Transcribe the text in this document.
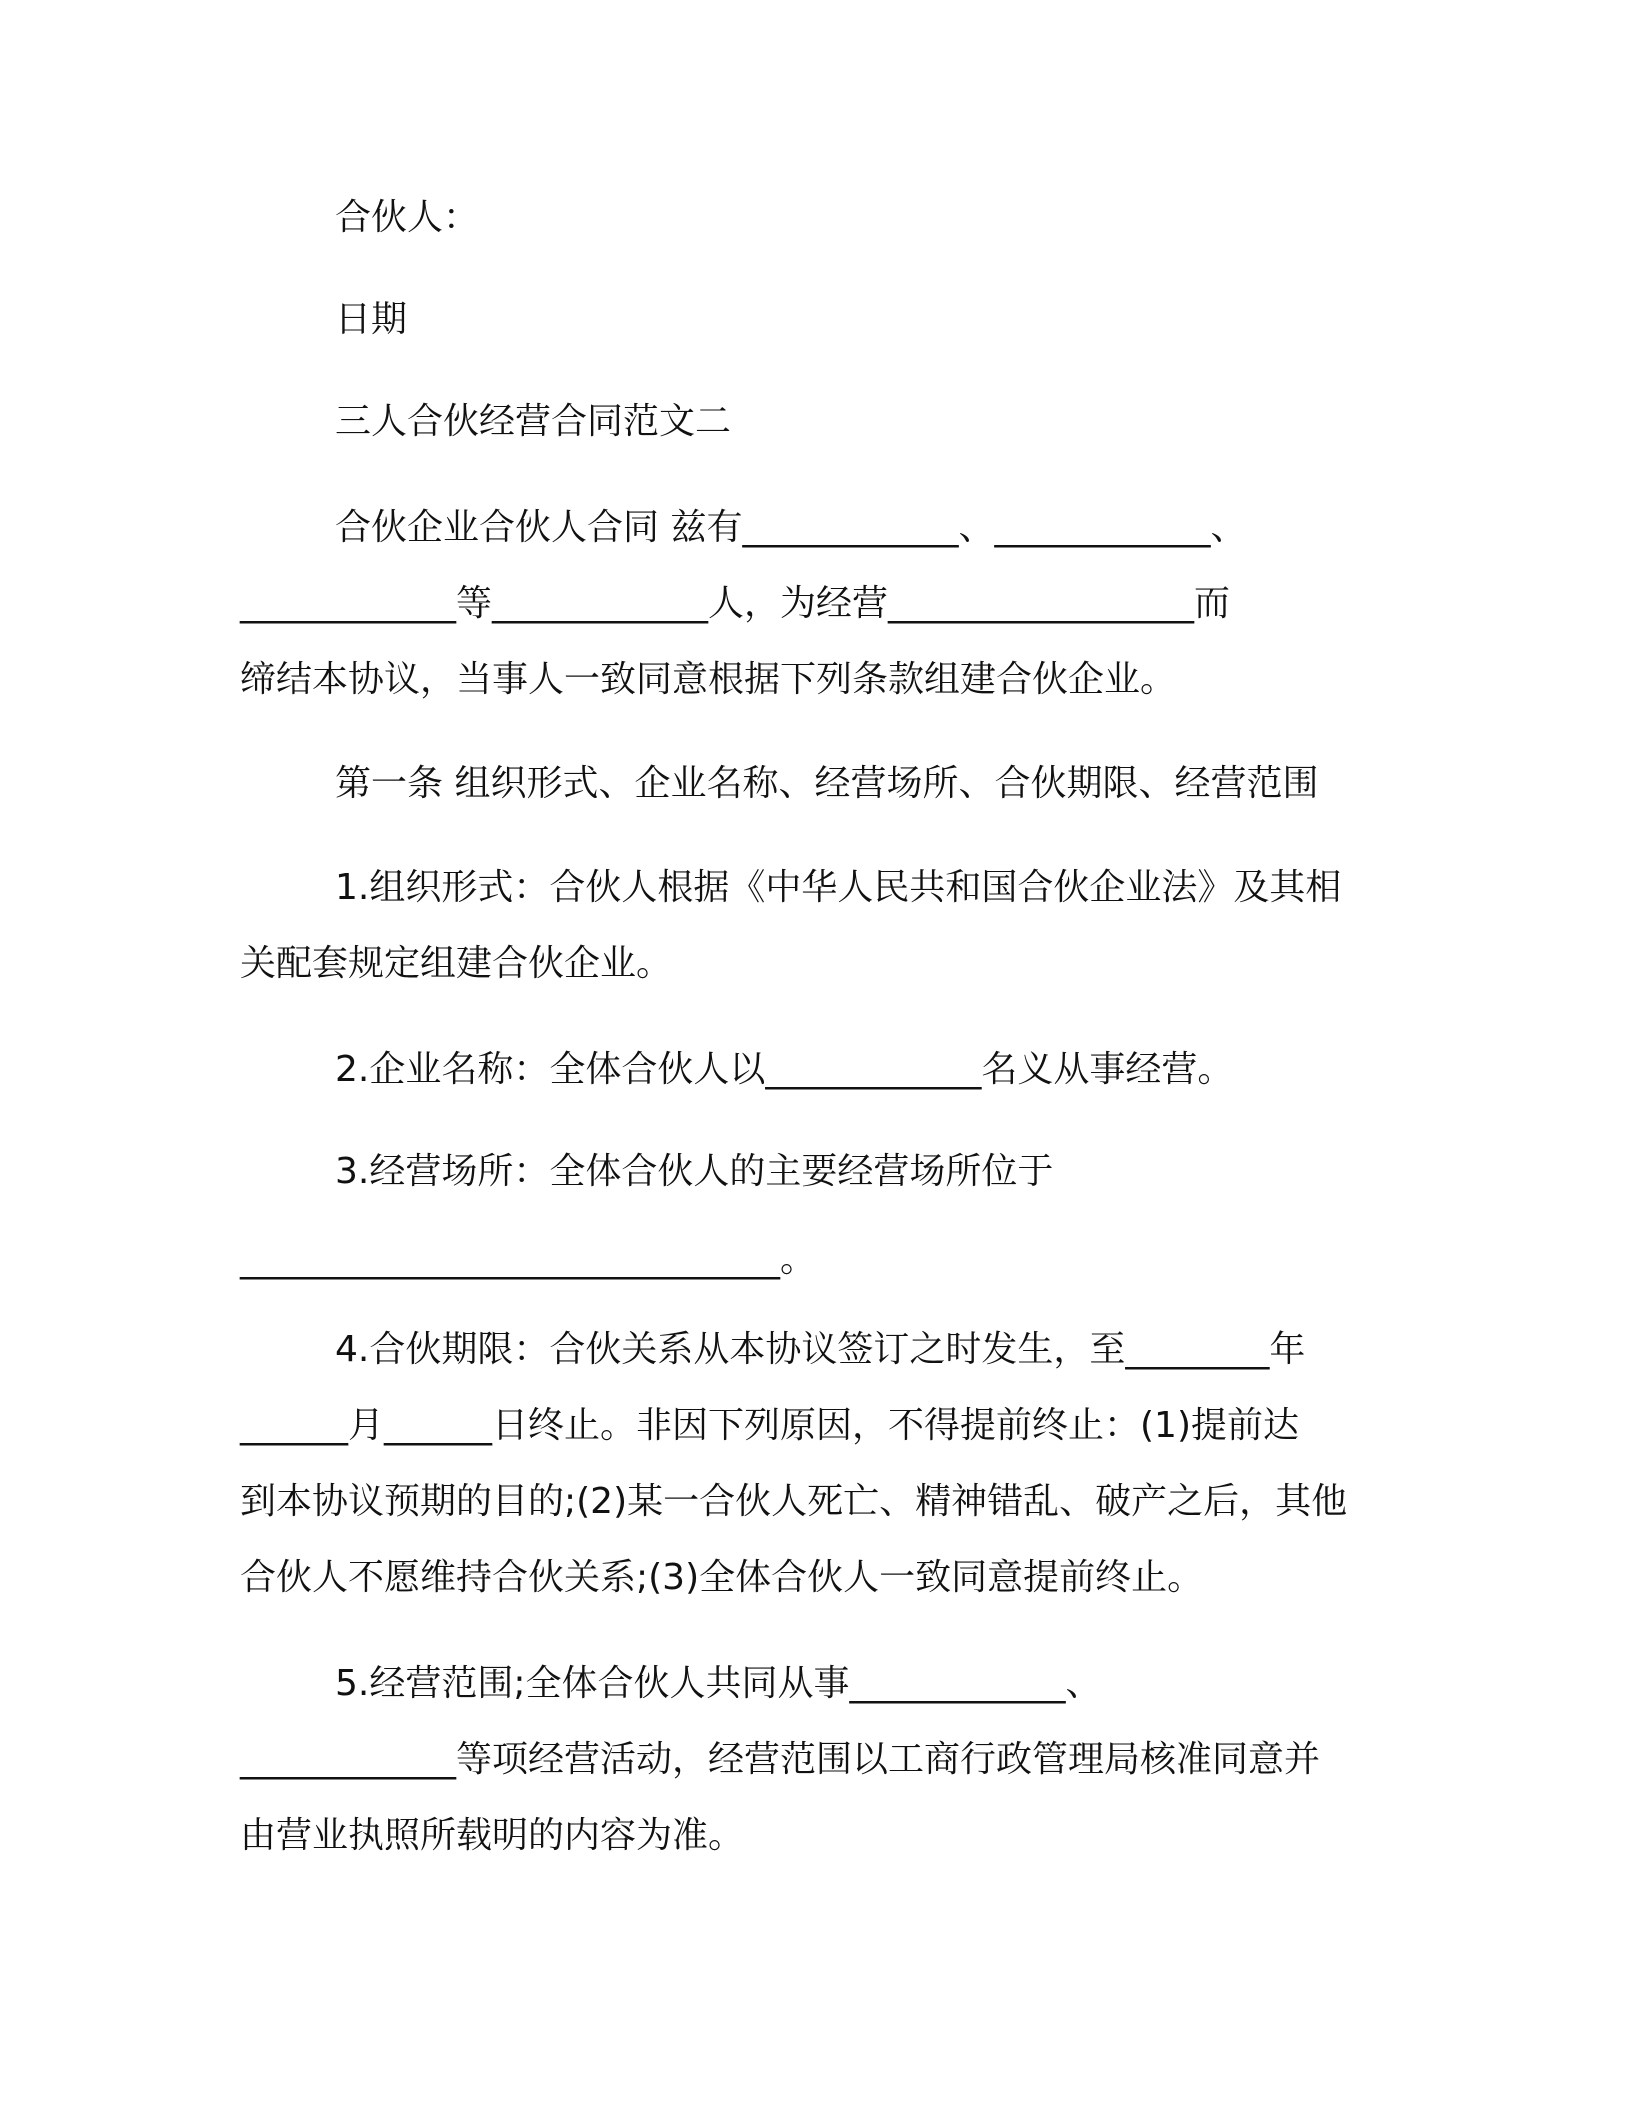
合伙人：
日期
三人合伙经营合同范文二
合伙企业合伙人合同 兹有____________、____________、
____________等____________人，为经营_________________而
缔结本协议，当事人一致同意根据下列条款组建合伙企业。
第一条 组织形式、企业名称、经营场所、合伙期限、经营范围
1.组织形式：合伙人根据《中华人民共和国合伙企业法》及其相
关配套规定组建合伙企业。
2.企业名称：全体合伙人以____________名义从事经营。
3.经营场所：全体合伙人的主要经营场所位于
______________________________。
4.合伙期限：合伙关系从本协议签订之时发生，至________年
______月______日终止。非因下列原因，不得提前终止：(1)提前达
到本协议预期的目的;(2)某一合伙人死亡、精神错乱、破产之后，其他
合伙人不愿维持合伙关系;(3)全体合伙人一致同意提前终止。
5.经营范围;全体合伙人共同从事____________、
____________等项经营活动，经营范围以工商行政管理局核准同意并
由营业执照所载明的内容为准。
